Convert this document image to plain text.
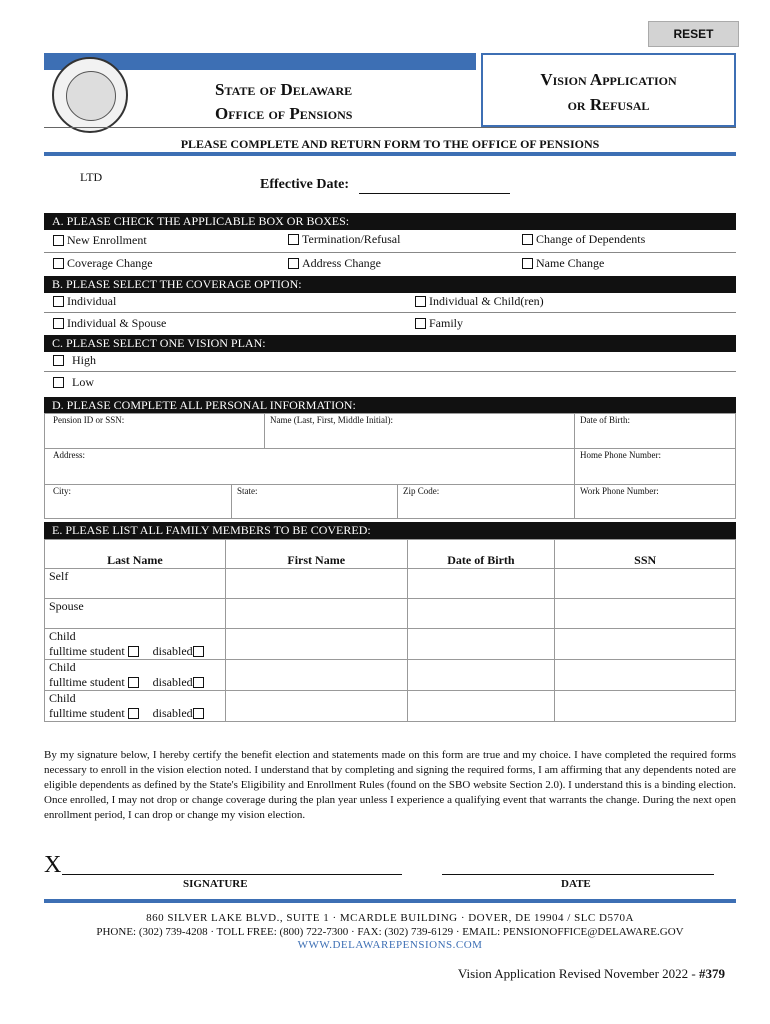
RESET
State of Delaware
Office of Pensions
Vision Application
or Refusal
PLEASE COMPLETE AND RETURN FORM TO THE OFFICE OF PENSIONS
LTD	Effective Date:
A. PLEASE CHECK THE APPLICABLE BOX OR BOXES:
New Enrollment	Termination/Refusal	Change of Dependents
Coverage Change	Address Change	Name Change
B. PLEASE SELECT THE COVERAGE OPTION:
Individual	Individual & Child(ren)
Individual & Spouse	Family
C. PLEASE SELECT ONE VISION PLAN:
High
Low
D. PLEASE COMPLETE ALL PERSONAL INFORMATION:
Pension ID or SSN:	Name (Last, First, Middle Initial):	Date of Birth:
Address:	Home Phone Number:
City:	State:	Zip Code:	Work Phone Number:
E. PLEASE LIST ALL FAMILY MEMBERS TO BE COVERED:
Last Name	First Name	Date of Birth	SSN
Self			
Spouse			

Child
fulltime student
disabled			

Child
fulltime student
disabled			

Child
fulltime student
disabled			

By my signature below, I hereby certify the benefit election and statements made on this form are true and my choice. I have completed the required forms necessary to enroll in the vision election noted. I understand that by completing and signing the required forms, I am affirming that any dependents noted are eligible dependents as defined by the State's Eligibility and Enrollment Rules (found on the SBO website Section 2.0). I understand this is a binding election. Once enrolled, I may not drop or change coverage during the plan year unless I experience a qualifying event that warrants the change. During the next open enrollment period, I can drop or change my vision election.
X
SIGNATURE	DATE
860 SILVER LAKE BLVD., SUITE 1 · MCARDLE BUILDING · DOVER, DE 19904 / SLC D570A
PHONE: (302) 739-4208 · TOLL FREE: (800) 722-7300 · FAX: (302) 739-6129 · EMAIL: PENSIONOFFICE@DELAWARE.GOV
WWW.DELAWAREPENSIONS.COM
Vision Application Revised November 2022 - #379
